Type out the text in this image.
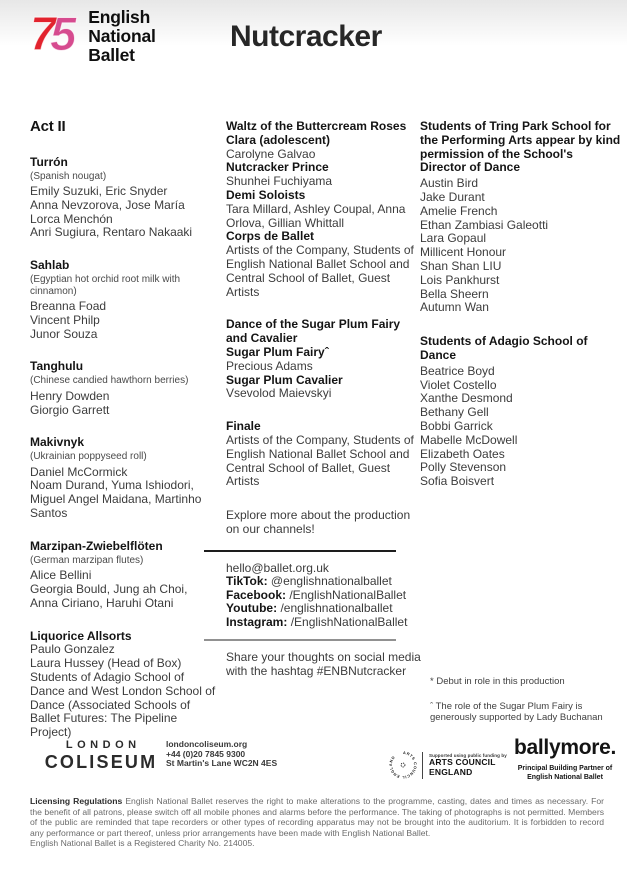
75	English
National
Ballet
Nutcracker
Act II
Turrón
(Spanish nougat)
Emily Suzuki, Eric Snyder
Anna Nevzorova, Jose María Lorca Menchón
Anri Sugiura, Rentaro Nakaaki
Sahlab
(Egyptian hot orchid root milk with cinnamon)
Breanna Foad
Vincent Philp
Junor Souza
Tanghulu
(Chinese candied hawthorn berries)
Henry Dowden
Giorgio Garrett
Makivnyk
(Ukrainian poppyseed roll)
Daniel McCormick
Noam Durand, Yuma Ishiodori, Miguel Angel Maidana, Martinho Santos
Marzipan-Zwiebelflöten
(German marzipan flutes)
Alice Bellini
Georgia Bould, Jung ah Choi, Anna Ciriano, Haruhi Otani
Liquorice Allsorts
Paulo Gonzalez
Laura Hussey (Head of Box)
Students of Adagio School of Dance and West London School of Dance (Associated Schools of Ballet Futures: The Pipeline Project)
Waltz of the Buttercream Roses
Clara (adolescent)
Carolyne Galvao
Nutcracker Prince
Shunhei Fuchiyama
Demi Soloists
Tara Millard, Ashley Coupal, Anna Orlova, Gillian Whittall
Corps de Ballet
Artists of the Company, Students of English National Ballet School and Central School of Ballet, Guest Artists
Dance of the Sugar Plum Fairy and Cavalier
Sugar Plum Fairyˆ
Precious Adams
Sugar Plum Cavalier
Vsevolod Maievskyi
Finale
Artists of the Company, Students of English National Ballet School and Central School of Ballet, Guest Artists
Explore more about the production on our channels!
hello@ballet.org.uk
TikTok: @englishnationalballet
Facebook: /EnglishNationalBallet
Youtube: /englishnationalballet
Instagram: /EnglishNationalBallet
Share your thoughts on social media with the hashtag #ENBNutcracker
Students of Tring Park School for the Performing Arts appear by kind permission of the School's Director of Dance
Austin Bird
Jake Durant
Amelie French
Ethan Zambiasi Galeotti
Lara Gopaul
Millicent Honour
Shan Shan LIU
Lois Pankhurst
Bella Sheern
Autumn Wan
Students of Adagio School of Dance
Beatrice Boyd
Violet Costello
Xanthe Desmond
Bethany Gell
Bobbi Garrick
Mabelle McDowell
Elizabeth Oates
Polly Stevenson
Sofia Boisvert
* Debut in role in this production
ˆ The role of the Sugar Plum Fairy is generously supported by Lady Buchanan
LONDON
COLISEUM
londoncoliseum.org
+44 (0)20 7845 9300
St Martin's Lane WC2N 4ES
ARTS COUNCIL ENGLAND	Supported using public funding by
ARTS COUNCIL
ENGLAND
ballymore.
Principal Building Partner of English National Ballet
Licensing Regulations English National Ballet reserves the right to make alterations to the programme, casting, dates and times as necessary. For the benefit of all patrons, please switch off all mobile phones and alarms before the performance. The taking of photographs is not permitted. Members of the public are reminded that tape recorders or other types of recording apparatus may not be brought into the auditorium. It is forbidden to record any performance or part thereof, unless prior arrangements have been made with English National Ballet.
English National Ballet is a Registered Charity No. 214005.
